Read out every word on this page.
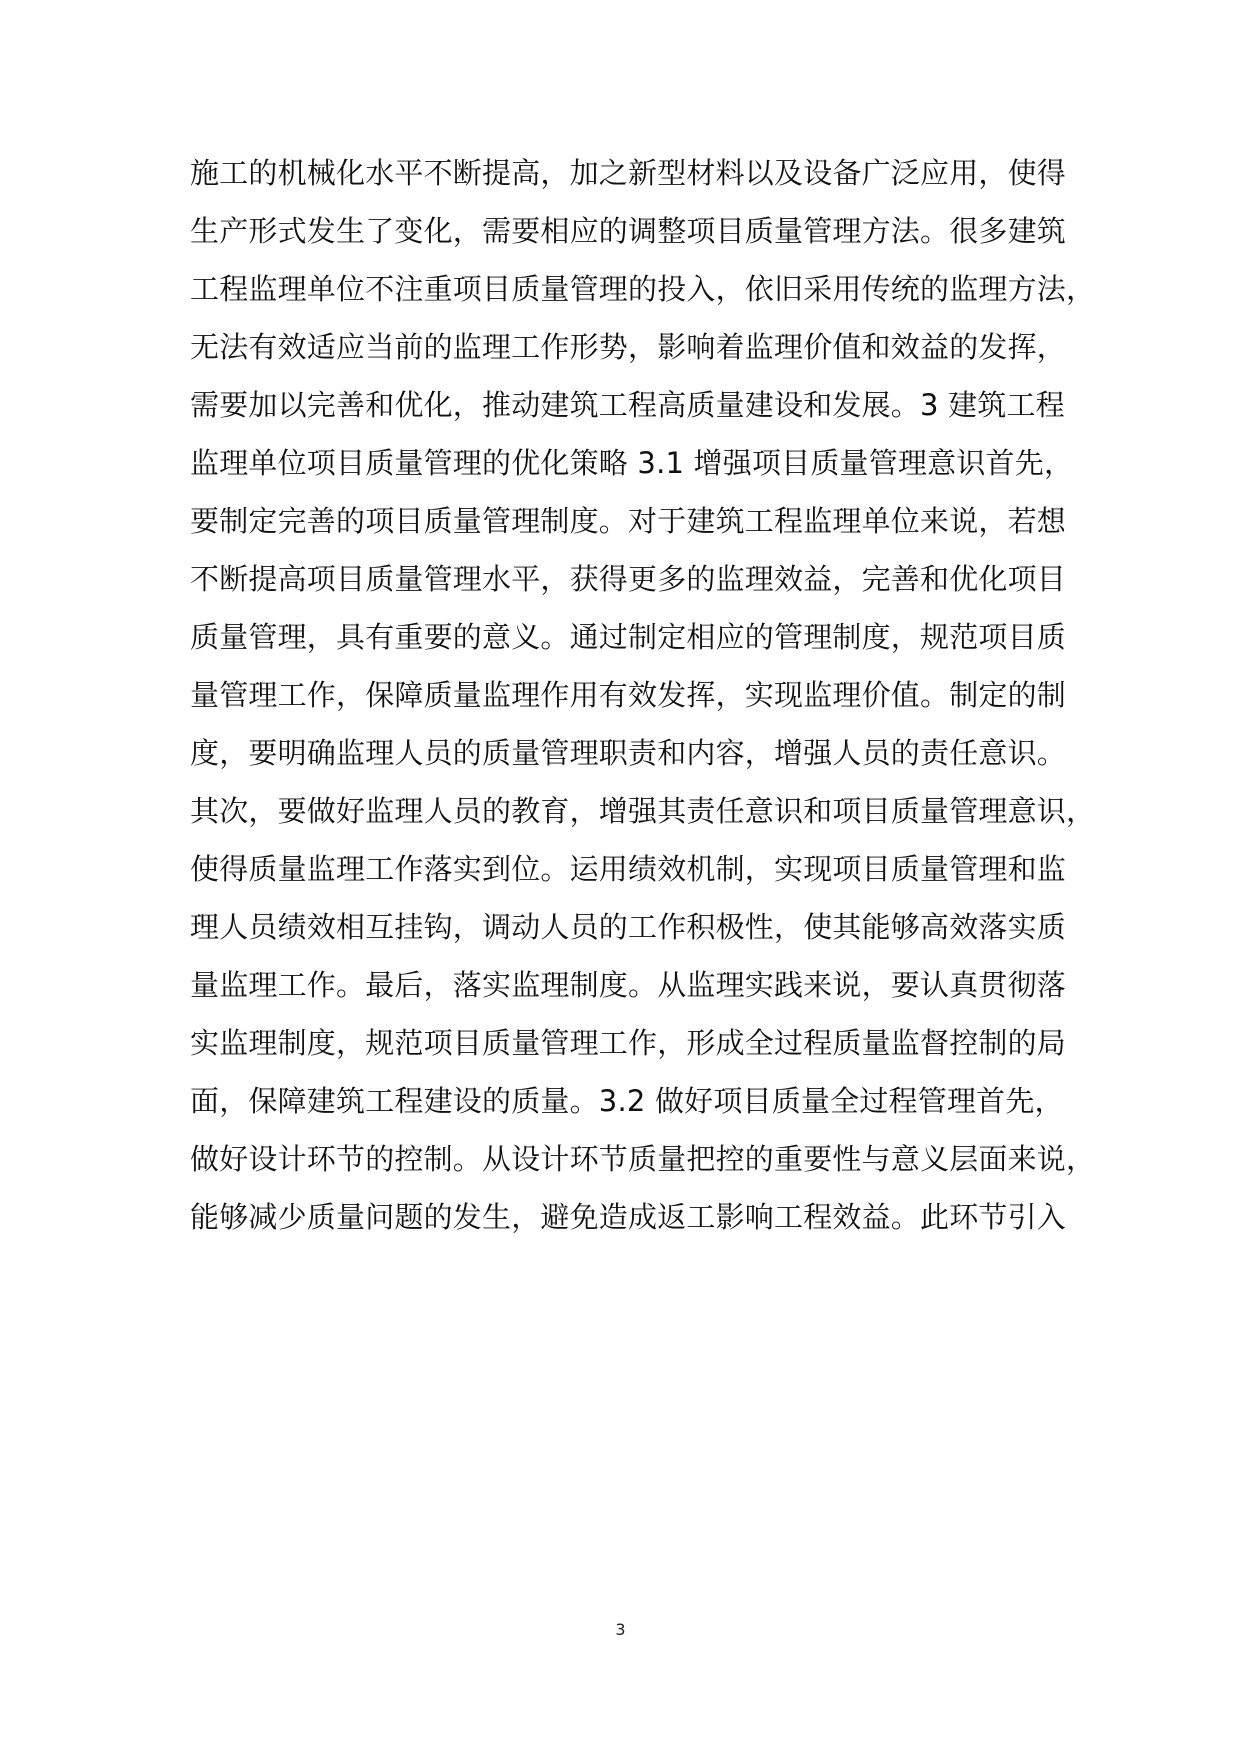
施工的机械化水平不断提高，加之新型材料以及设备广泛应用，使得
生产形式发生了变化，需要相应的调整项目质量管理方法。很多建筑
工程监理单位不注重项目质量管理的投入，依旧采用传统的监理方法，
无法有效适应当前的监理工作形势，影响着监理价值和效益的发挥，
需要加以完善和优化，推动建筑工程高质量建设和发展。3 建筑工程
监理单位项目质量管理的优化策略 3.1 增强项目质量管理意识首先，
要制定完善的项目质量管理制度。对于建筑工程监理单位来说，若想
不断提高项目质量管理水平，获得更多的监理效益，完善和优化项目
质量管理，具有重要的意义。通过制定相应的管理制度，规范项目质
量管理工作，保障质量监理作用有效发挥，实现监理价值。制定的制
度，要明确监理人员的质量管理职责和内容，增强人员的责任意识。
其次，要做好监理人员的教育，增强其责任意识和项目质量管理意识，
使得质量监理工作落实到位。运用绩效机制，实现项目质量管理和监
理人员绩效相互挂钩，调动人员的工作积极性，使其能够高效落实质
量监理工作。最后，落实监理制度。从监理实践来说，要认真贯彻落
实监理制度，规范项目质量管理工作，形成全过程质量监督控制的局
面，保障建筑工程建设的质量。3.2 做好项目质量全过程管理首先，
做好设计环节的控制。从设计环节质量把控的重要性与意义层面来说，
能够减少质量问题的发生，避免造成返工影响工程效益。此环节引入
3
